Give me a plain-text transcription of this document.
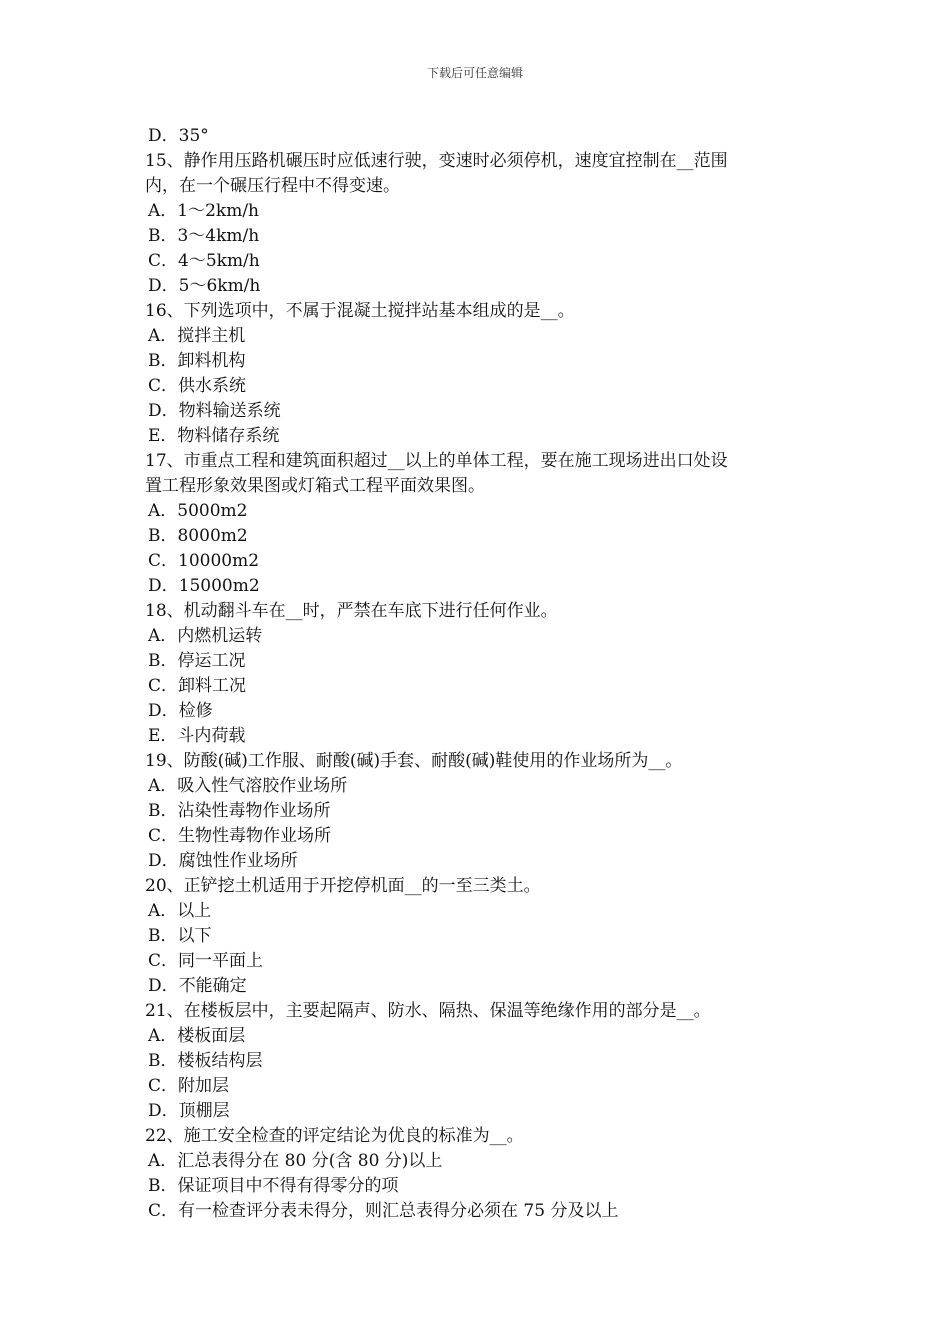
下载后可任意编辑

D．35°

15、静作用压路机碾压时应低速行驶，变速时必须停机，速度宜控制在__范围

内，在一个碾压行程中不得变速。

A．1～2km/h

B．3～4km/h

C．4～5km/h

D．5～6km/h

16、下列选项中，不属于混凝土搅拌站基本组成的是__。

A．搅拌主机

B．卸料机构

C．供水系统

D．物料输送系统

E．物料储存系统

17、市重点工程和建筑面积超过__以上的单体工程，要在施工现场进出口处设

置工程形象效果图或灯箱式工程平面效果图。

A．5000m2

B．8000m2

C．10000m2

D．15000m2

18、机动翻斗车在__时，严禁在车底下进行任何作业。

A．内燃机运转

B．停运工况

C．卸料工况

D．检修

E．斗内荷载

19、防酸(碱)工作服、耐酸(碱)手套、耐酸(碱)鞋使用的作业场所为__。

A．吸入性气溶胶作业场所

B．沾染性毒物作业场所

C．生物性毒物作业场所

D．腐蚀性作业场所

20、正铲挖土机适用于开挖停机面__的一至三类土。

A．以上

B．以下

C．同一平面上

D．不能确定

21、在楼板层中，主要起隔声、防水、隔热、保温等绝缘作用的部分是__。

A．楼板面层

B．楼板结构层

C．附加层

D．顶棚层

22、施工安全检查的评定结论为优良的标准为__。

A．汇总表得分在 80 分(含 80 分)以上

B．保证项目中不得有得零分的项

C．有一检查评分表未得分，则汇总表得分必须在 75 分及以上
